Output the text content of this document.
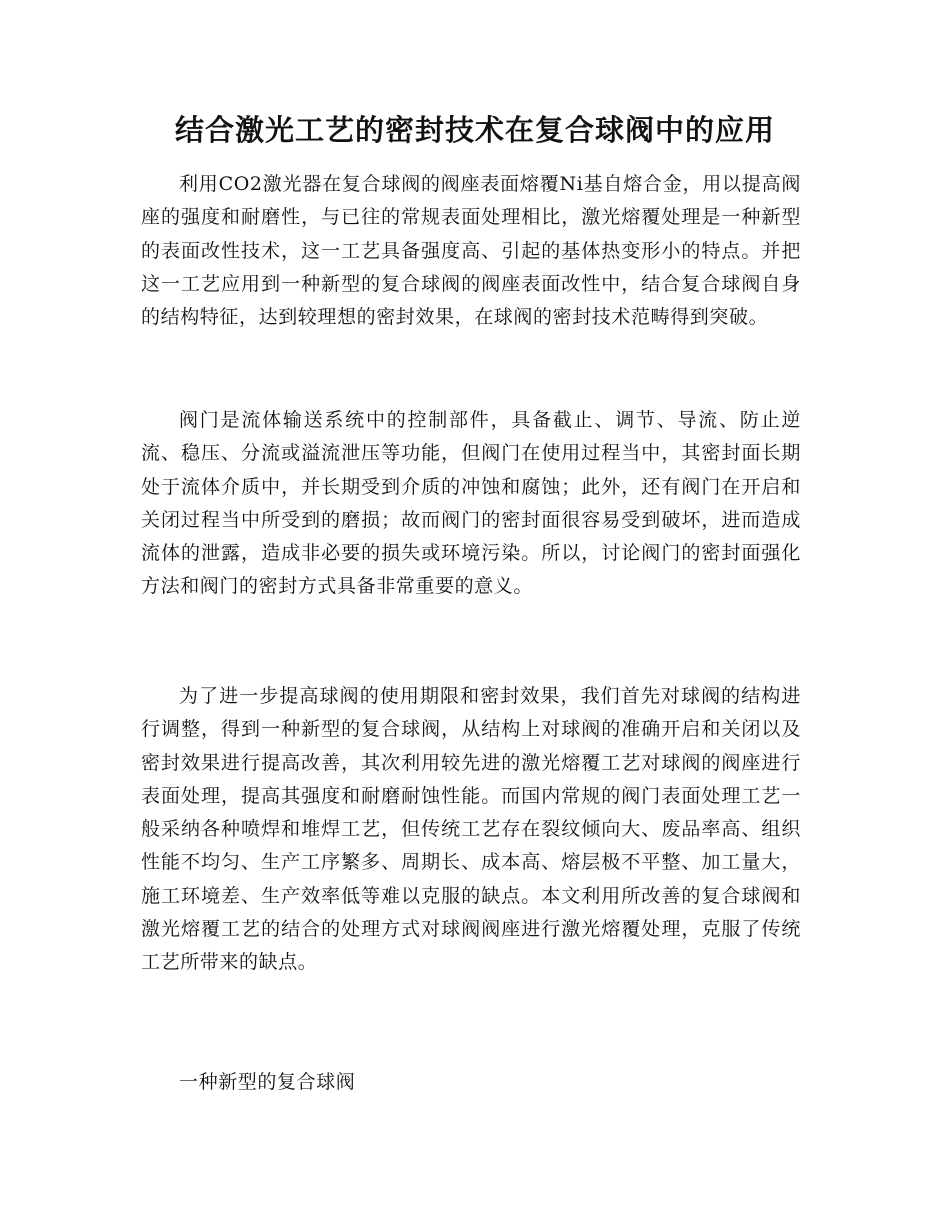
结合激光工艺的密封技术在复合球阀中的应用

利用CO2激光器在复合球阀的阀座表面熔覆Ni基自熔合金，用以提高阀座的强度和耐磨性，与已往的常规表面处理相比，激光熔覆处理是一种新型的表面改性技术，这一工艺具备强度高、引起的基体热变形小的特点。并把这一工艺应用到一种新型的复合球阀的阀座表面改性中，结合复合球阀自身的结构特征，达到较理想的密封效果，在球阀的密封技术范畴得到突破。

阀门是流体输送系统中的控制部件，具备截止、调节、导流、防止逆流、稳压、分流或溢流泄压等功能，但阀门在使用过程当中，其密封面长期处于流体介质中，并长期受到介质的冲蚀和腐蚀；此外，还有阀门在开启和关闭过程当中所受到的磨损；故而阀门的密封面很容易受到破坏，进而造成流体的泄露，造成非必要的损失或环境污染。所以，讨论阀门的密封面强化方法和阀门的密封方式具备非常重要的意义。

为了进一步提高球阀的使用期限和密封效果，我们首先对球阀的结构进行调整，得到一种新型的复合球阀，从结构上对球阀的准确开启和关闭以及密封效果进行提高改善，其次利用较先进的激光熔覆工艺对球阀的阀座进行表面处理，提高其强度和耐磨耐蚀性能。而国内常规的阀门表面处理工艺一般采纳各种喷焊和堆焊工艺，但传统工艺存在裂纹倾向大、废品率高、组织性能不均匀、生产工序繁多、周期长、成本高、熔层极不平整、加工量大，施工环境差、生产效率低等难以克服的缺点。本文利用所改善的复合球阀和激光熔覆工艺的结合的处理方式对球阀阀座进行激光熔覆处理，克服了传统工艺所带来的缺点。

一种新型的复合球阀
